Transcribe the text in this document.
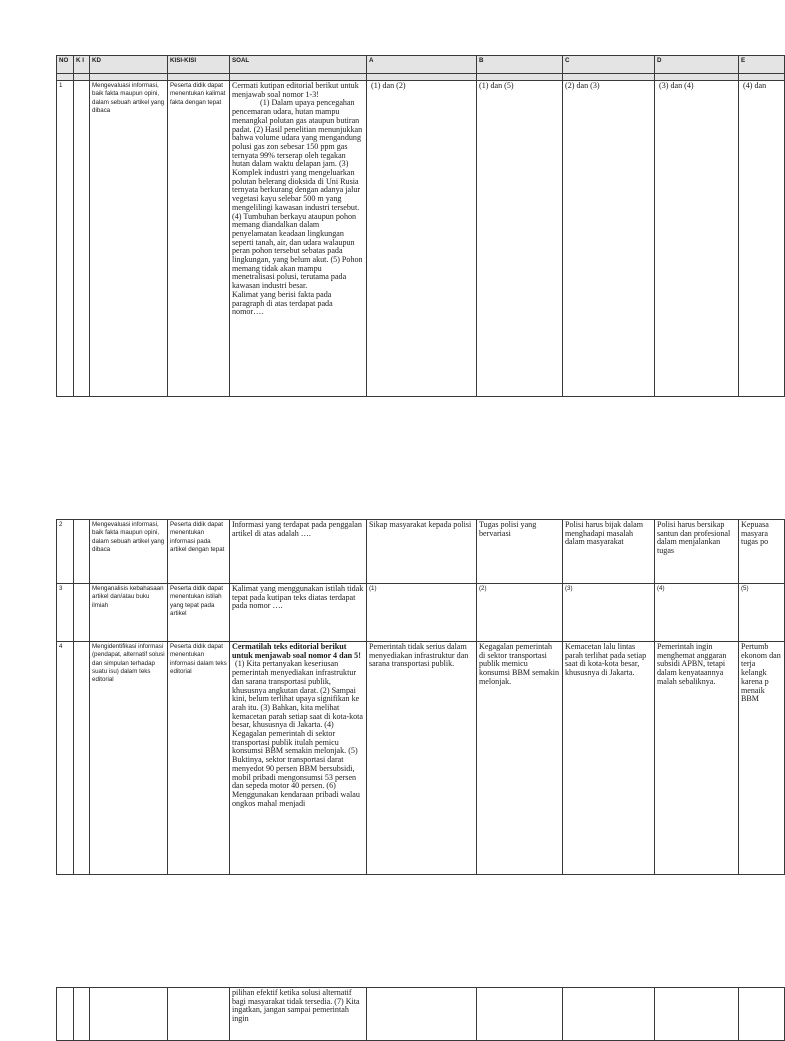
NO	K I	KD	KISI-KISI	SOAL	A	B	C	D	E

1		Mengevaluasi informasi, baik fakta maupun opini, dalam sebuah artikel yang dibaca	Peserta didik dapat menentukan kalimat fakta dengan tepat	Cermati kutipan editorial berikut untuk menjawab soal nomor 1-3!
(1) Dalam upaya pencegahan pencemaran udara, hutan mampu menangkal polutan gas ataupun butiran padat. (2) Hasil penelitian menunjukkan bahwa volume udara yang mengandung polusi gas zon sebesar 150 ppm gas ternyata 99% terserap oleh tegakan hutan dalam waktu delapan jam. (3) Komplek industri yang mengeluarkan polutan belerang dioksida di Uni Rusia ternyata berkurang dengan adanya jalur vegetasi kayu selebar 500 m yang mengelilingi kawasan industri tersebut. (4) Tumbuhan berkayu ataupun pohon memang diandalkan dalam penyelamatan keadaan lingkungan seperti tanah, air, dan udara walaupun peran pohon tersebut sebatas pada lingkungan, yang belum akut. (5) Pohon memang tidak akan mampu menetralisasi polusi, terutama pada kawasan industri besar.
Kalimat yang berisi fakta pada paragraph di atas terdapat pada nomor….	(1) dan (2)	(1) dan (5)	(2) dan (3)	(3) dan (4)	(4) dan
2		Mengevaluasi informasi, baik fakta maupun opini, dalam sebuah artikel yang dibaca	Peserta didik dapat menentukan informasi pada artikel dengan tepat	Informasi yang terdapat pada penggalan artikel di atas adalah ….	Sikap masyarakat kepada polisi	Tugas polisi yang bervariasi	Polisi harus bijak dalam menghadapi masalah dalam masyarakat	Polisi harus bersikap santun dan profesional dalam menjalankan tugas	Kepuasa masyara tugas po
3		Menganalisis kebahasaan artikel dan/atau buku ilmiah	Peserta didik dapat menentukan istilah yang tepat pada artikel	Kalimat yang menggunakan istilah tidak tepat pada kutipan teks diatas terdapat pada nomor ….	(1)	(2)	(3)	(4)	(5)
4		Mengidentifikasi informasi (pendapat, alternatif solusi dan simpulan terhadap suatu isu) dalam teks editorial	Peserta didik dapat menentukan informasi dalam teks editorial	Cermatilah teks editorial berikut untuk menjawab soal nomor 4 dan 5!
(1) Kita pertanyakan keseriusan pemerintah menyediakan infrastruktur dan sarana transportasi publik, khususnya angkutan darat. (2) Sampai kini, belum terlihat upaya signifikan ke arah itu. (3) Bahkan, kita melihat kemacetan parah setiap saat di kota-kota besar, khususnya di Jakarta. (4) Kegagalan pemerintah di sektor transportasi publik itulah pemicu konsumsi BBM semakin melonjak. (5) Buktinya, sektor transportasi darat menyedot 90 persen BBM bersubsidi, mobil pribadi mengonsumsi 53 persen dan sepeda motor 40 persen. (6) Menggunakan kendaraan pribadi walau ongkos mahal menjadi	Pemerintah tidak serius dalam menyediakan infrastruktur dan sarana transportasi publik.	Kegagalan pemerintah di sektor transportasi publik memicu konsumsi BBM semakin melonjak.	Kemacetan lalu lintas parah terlihat pada setiap saat di kota-kota besar, khususnya di Jakarta.	Pemerintah ingin menghemat anggaran subsidi APBN, tetapi dalam kenyataannya malah sebaliknya.	Pertumb ekonom dan terja kelangk karena p menaik BBM
				pilihan efektif ketika solusi alternatif bagi masyarakat tidak tersedia. (7) Kita ingatkan, jangan sampai pemerintah ingin					
